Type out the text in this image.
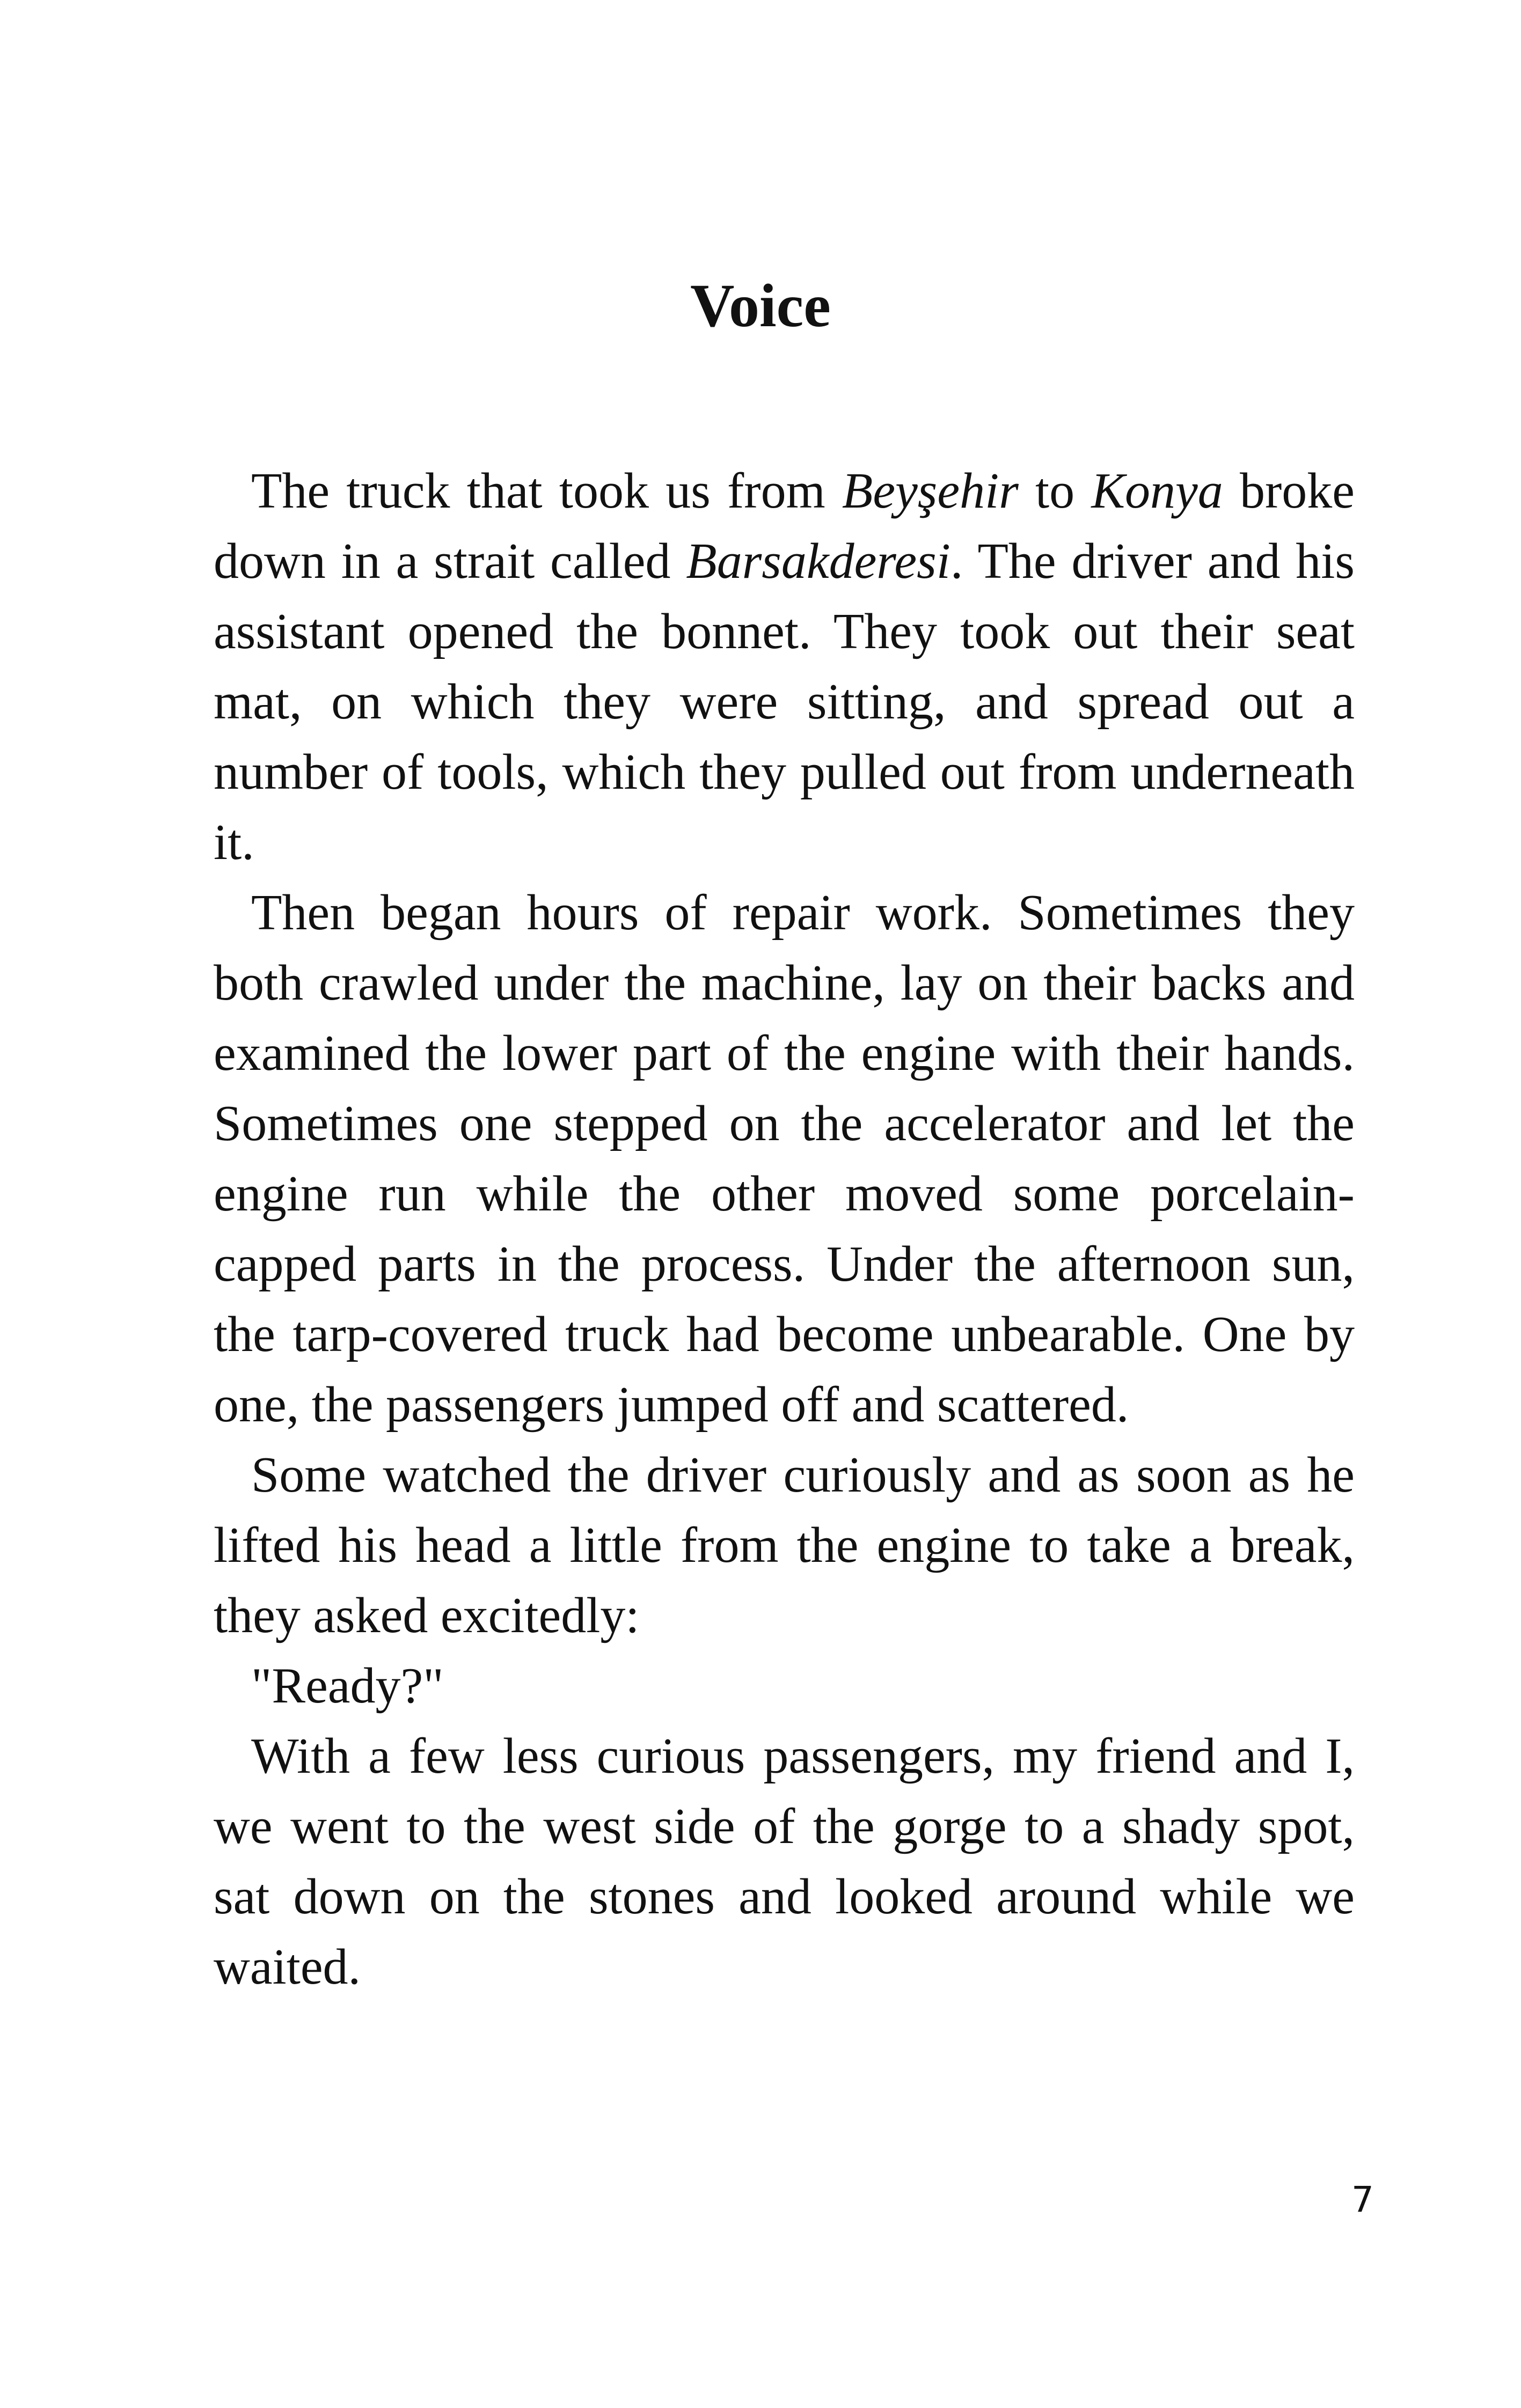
Voice

The truck that took us from Beyşehir to Konya broke down in a strait called Barsakderesi. The driver and his assistant opened the bonnet. They took out their seat mat, on which they were sitting, and spread out a number of tools, which they pulled out from underneath it.

Then began hours of repair work. Sometimes they both crawled under the machine, lay on their backs and examined the lower part of the engine with their hands. Sometimes one stepped on the accelerator and let the engine run while the other moved some porcelain-capped parts in the process. Under the afternoon sun, the tarp-covered truck had become unbearable. One by one, the passengers jumped off and scattered.

Some watched the driver curiously and as soon as he lifted his head a little from the engine to take a break, they asked excitedly:

"Ready?"

With a few less curious passengers, my friend and I, we went to the west side of the gorge to a shady spot, sat down on the stones and looked around while we waited.

7
